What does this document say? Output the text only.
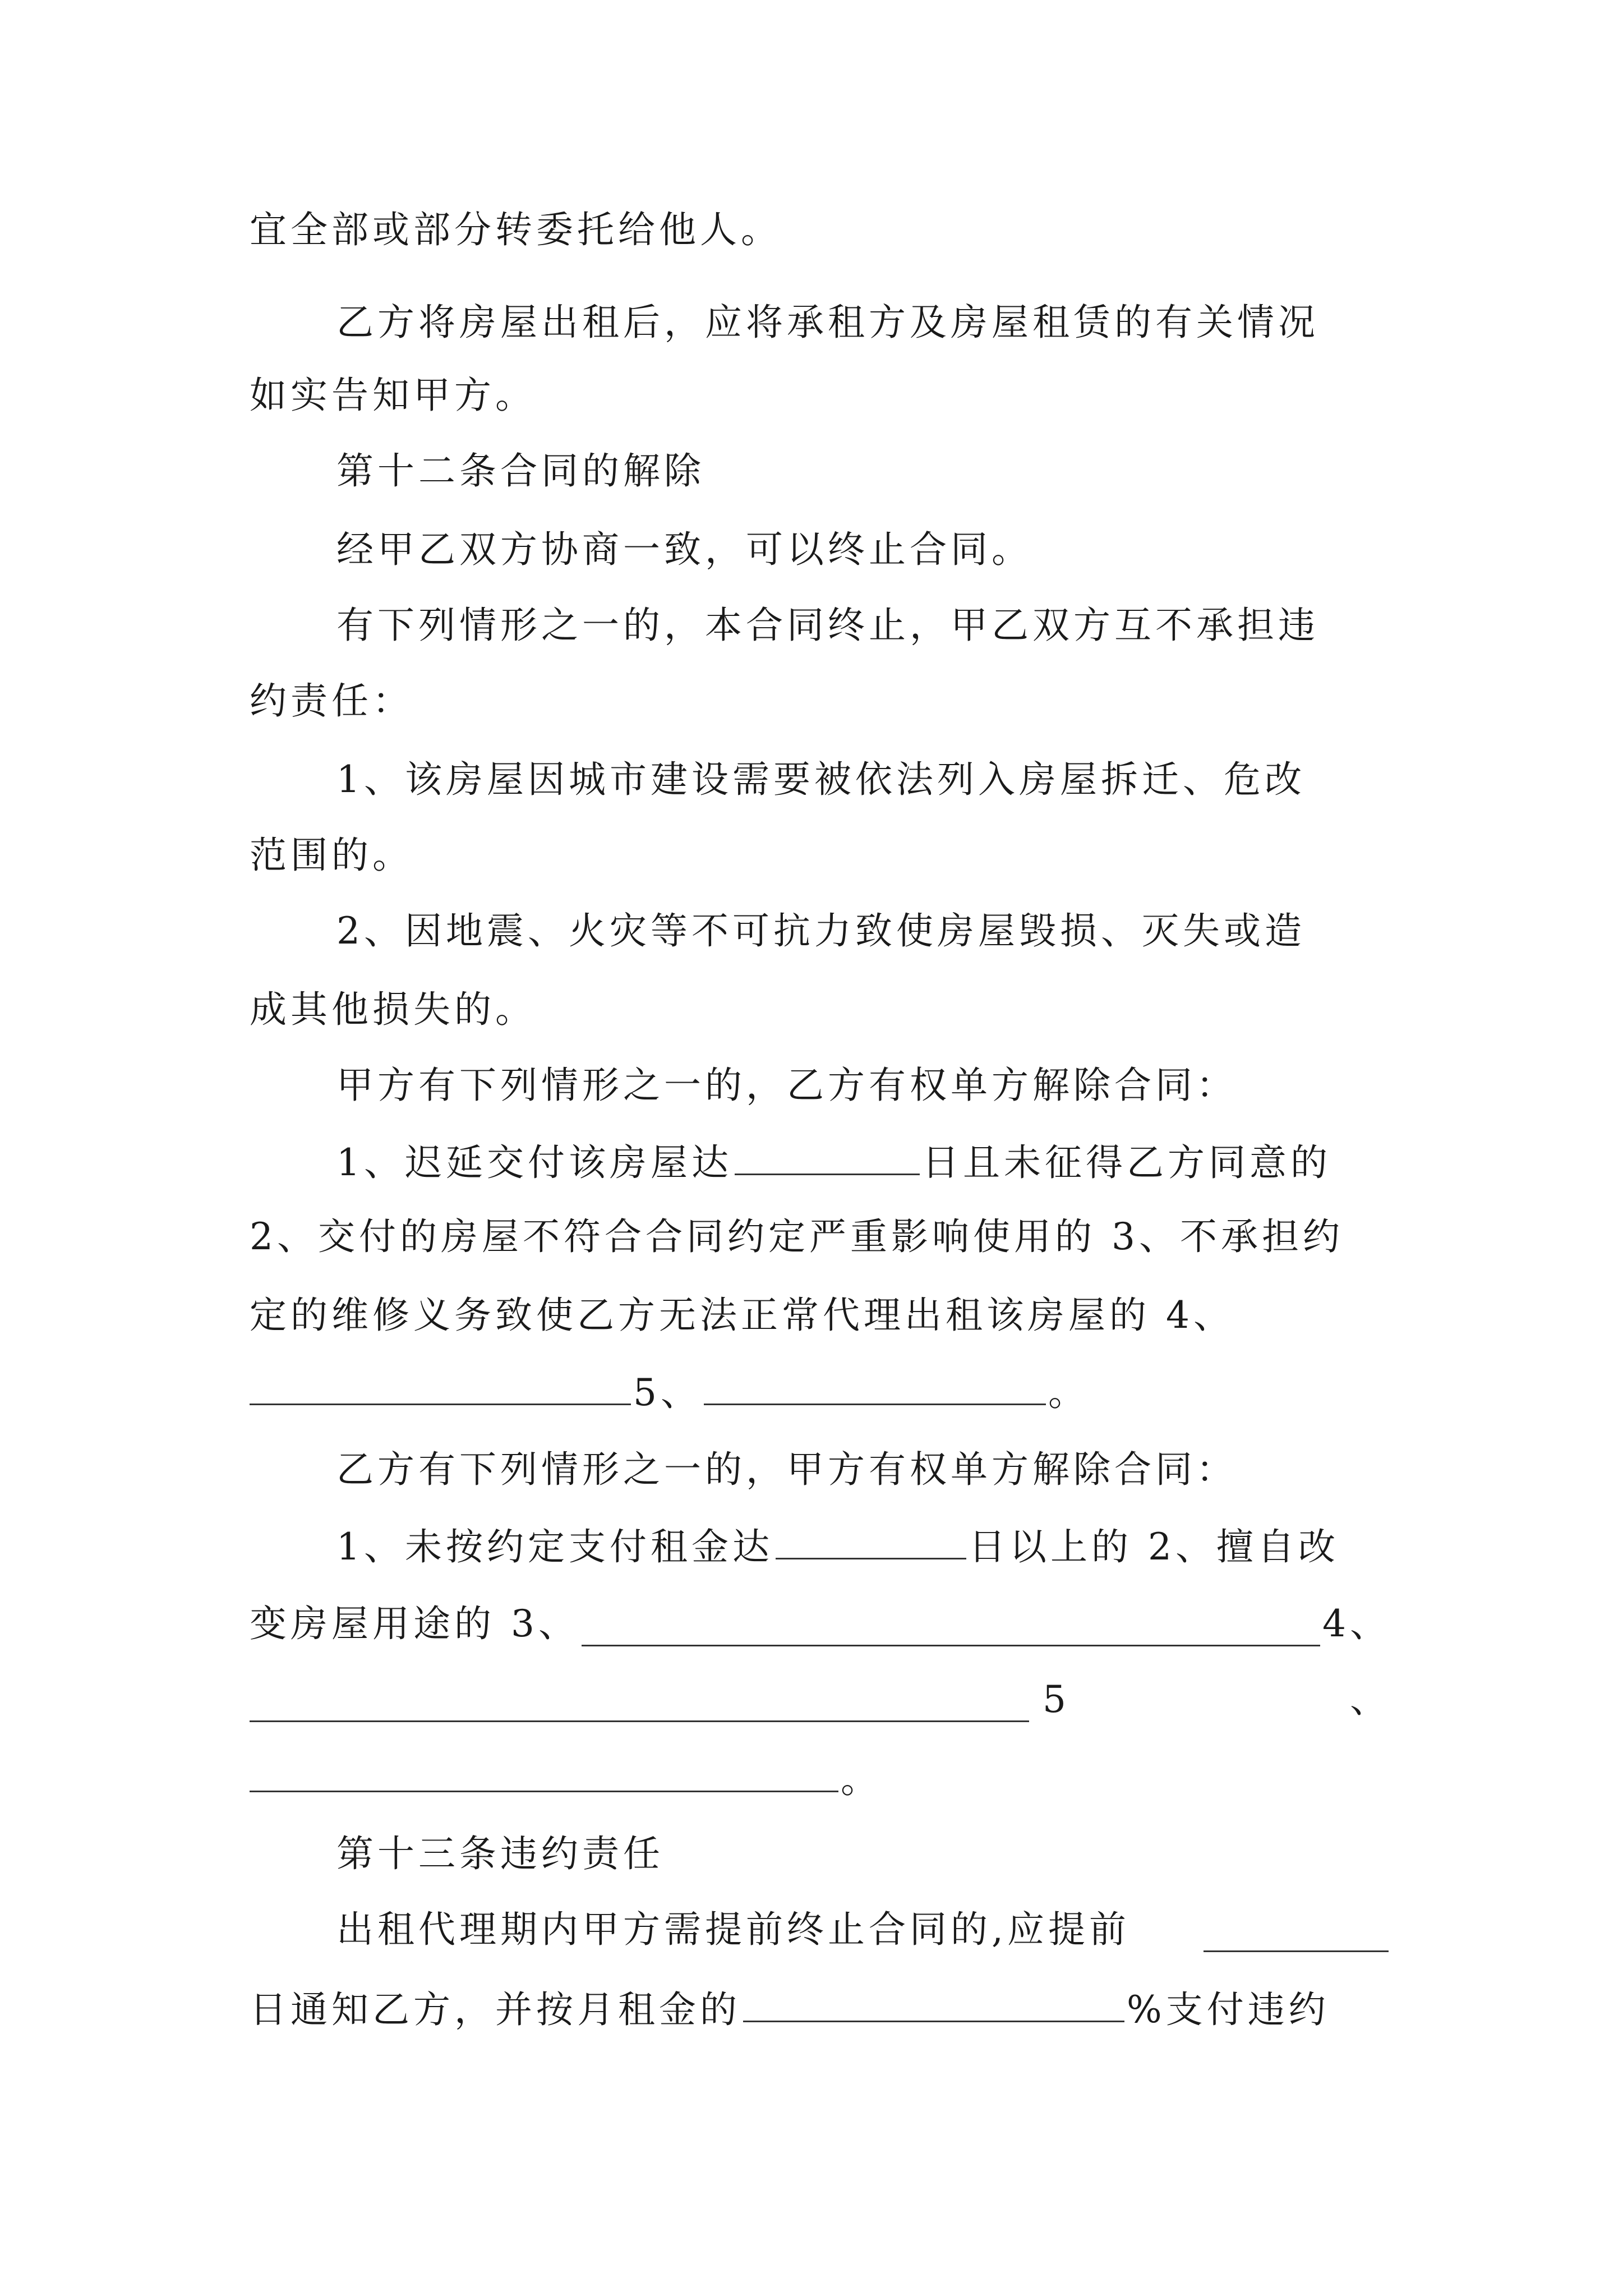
宜全部或部分转委托给他人。
乙方将房屋出租后，应将承租方及房屋租赁的有关情况
如实告知甲方。
第十二条合同的解除
经甲乙双方协商一致，可以终止合同。
有下列情形之一的，本合同终止，甲乙双方互不承担违
约责任：
1、该房屋因城市建设需要被依法列入房屋拆迁、危改
范围的。
2、因地震、火灾等不可抗力致使房屋毁损、灭失或造
成其他损失的。
甲方有下列情形之一的，乙方有权单方解除合同：
1、迟延交付该房屋达	日且未征得乙方同意的
2、交付的房屋不符合合同约定严重影响使用的 3、不承担约
定的维修义务致使乙方无法正常代理出租该房屋的 4、
5、	。
乙方有下列情形之一的，甲方有权单方解除合同：
1、未按约定支付租金达	日以上的 2、擅自改
变房屋用途的 3、	4、
5	、
。
第十三条违约责任
出租代理期内甲方需提前终止合同的,应提前
日通知乙方，并按月租金的	%支付违约
